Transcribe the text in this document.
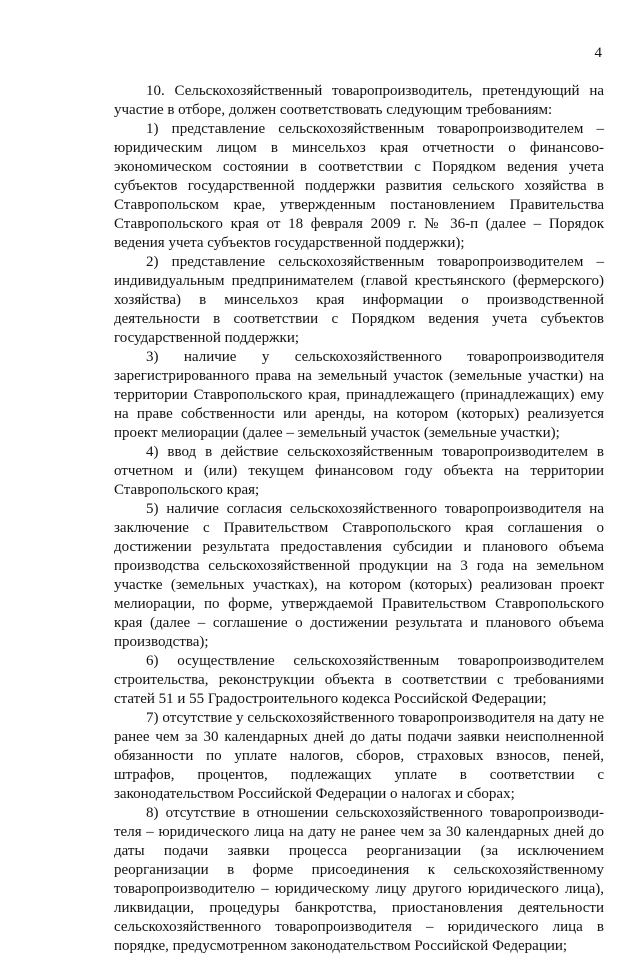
4

10. Сельскохозяйственный товаропроизводитель, претендующий на участие в отборе, должен соответствовать следующим требованиям:

1) представление сельскохозяйственным товаропроизводителем – юридическим лицом в минсельхоз края отчетности о финансово-экономическом состоянии в соответствии с Порядком ведения учета субъектов государственной поддержки развития сельского хозяйства в Ставропольском крае, утвержденным постановлением Правительства Ставропольского края от 18 февраля 2009 г. № 36-п (далее – Порядок ведения учета субъектов государственной поддержки);

2) представление сельскохозяйственным товаропроизводителем – индивидуальным предпринимателем (главой крестьянского (фермерского) хозяйства) в минсельхоз края информации о производственной деятельности в соответствии с Порядком ведения учета субъектов государственной поддержки;

3) наличие у сельскохозяйственного товаропроизводителя зарегистрированного права на земельный участок (земельные участки) на территории Ставропольского края, принадлежащего (принадлежащих) ему на праве собственности или аренды, на котором (которых) реализуется проект мелиорации (далее – земельный участок (земельные участки);

4) ввод в действие сельскохозяйственным товаропроизводителем в отчетном и (или) текущем финансовом году объекта на территории Ставропольского края;

5) наличие согласия сельскохозяйственного товаропроизводителя на заключение с Правительством Ставропольского края соглашения о достижении результата предоставления субсидии и планового объема производства сельскохозяйственной продукции на 3 года на земельном участке (земельных участках), на котором (которых) реализован проект мелиорации, по форме, утверждаемой Правительством Ставропольского края (далее – соглашение о достижении результата и планового объема производства);

6) осуществление сельскохозяйственным товаропроизводителем строительства, реконструкции объекта в соответствии с требованиями статей 51 и 55 Градостроительного кодекса Российской Федерации;

7) отсутствие у сельскохозяйственного товаропроизводителя на дату не ранее чем за 30 календарных дней до даты подачи заявки неисполненной обязанности по уплате налогов, сборов, страховых взносов, пеней, штрафов, процентов, подлежащих уплате в соответствии с законодательством Российской Федерации о налогах и сборах;

8) отсутствие в отношении сельскохозяйственного товаропроизводителя – юридического лица на дату не ранее чем за 30 календарных дней до даты подачи заявки процесса реорганизации (за исключением реорганизации в форме присоединения к сельскохозяйственному товаропроизводителю – юридическому лицу другого юридического лица), ликвидации, процедуры банкротства, приостановления деятельности сельскохозяйственного товаропроизводителя – юридического лица в порядке, предусмотренном законодательством Российской Федерации;
